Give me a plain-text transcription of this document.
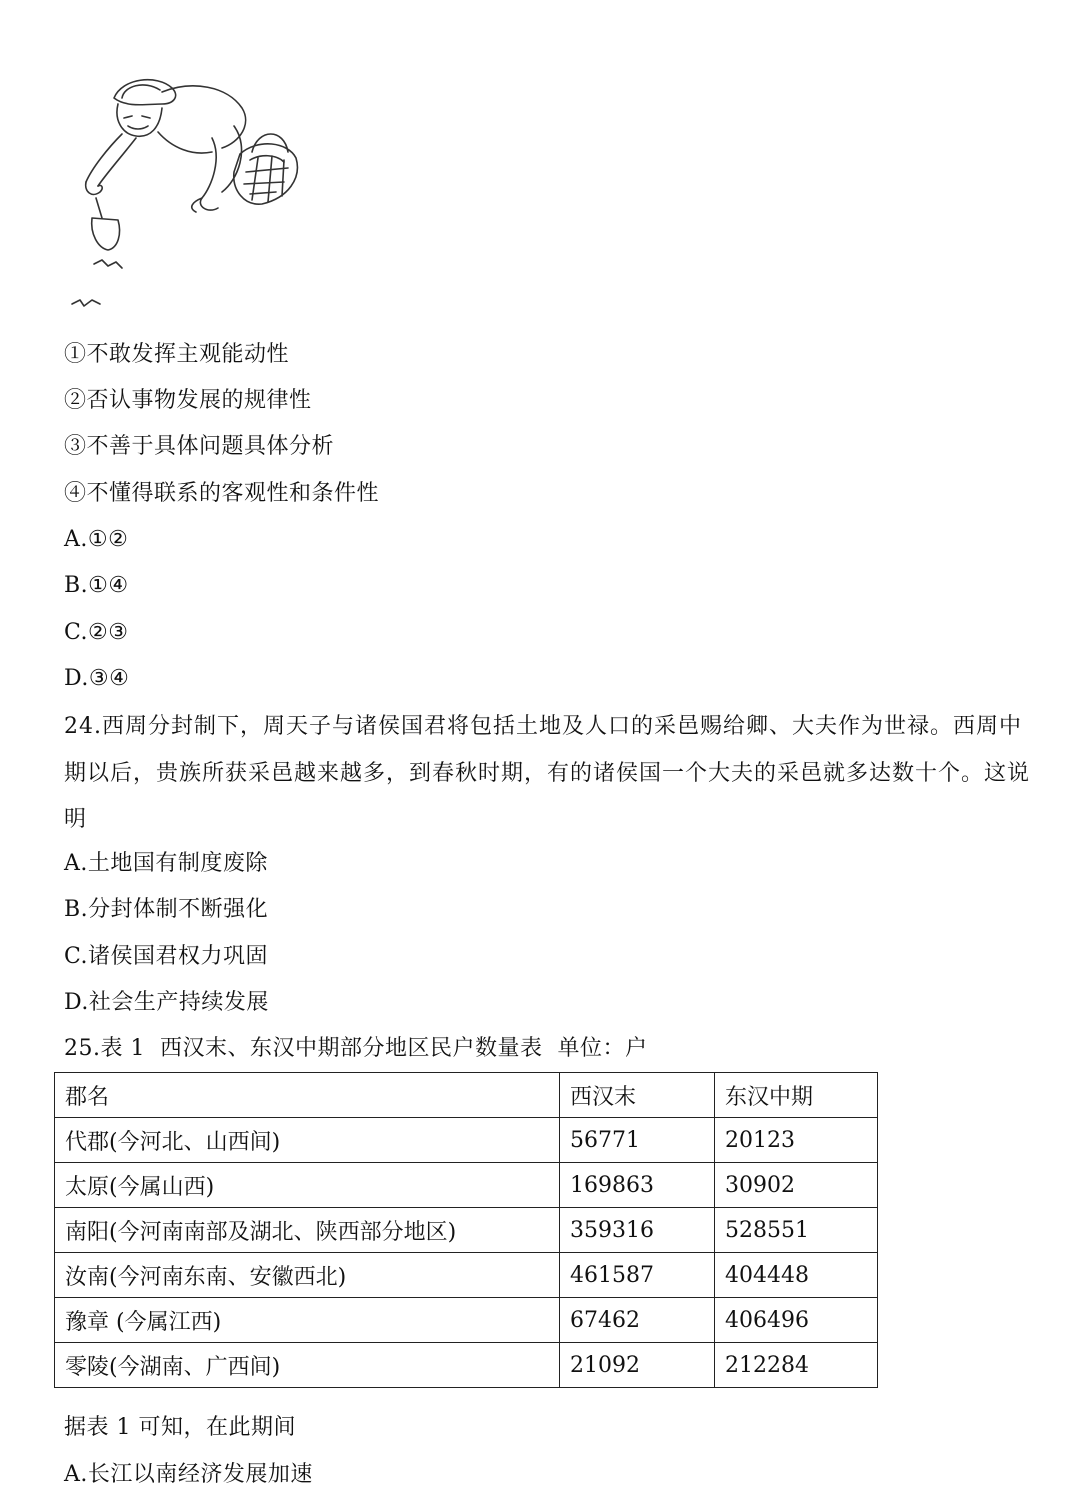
①不敢发挥主观能动性
②否认事物发展的规律性
③不善于具体问题具体分析
④不懂得联系的客观性和条件性
A.①②
B.①④
C.②③
D.③④
24.西周分封制下，周天子与诸侯国君将包括土地及人口的采邑赐给卿、大夫作为世禄。西周中期以后，贵族所获采邑越来越多，到春秋时期，有的诸侯国一个大夫的采邑就多达数十个。这说明
A.土地国有制度废除
B.分封体制不断强化
C.诸侯国君权力巩固
D.社会生产持续发展
25.表 1  西汉末、东汉中期部分地区民户数量表  单位：户
郡名	西汉末	东汉中期
代郡(今河北、山西间)	56771	20123
太原(今属山西)	169863	30902
南阳(今河南南部及湖北、陕西部分地区)	359316	528551
汝南(今河南东南、安徽西北)	461587	404448
豫章 (今属江西)	67462	406496
零陵(今湖南、广西间)	21092	212284
据表 1 可知，在此期间
A.长江以南经济发展加速
